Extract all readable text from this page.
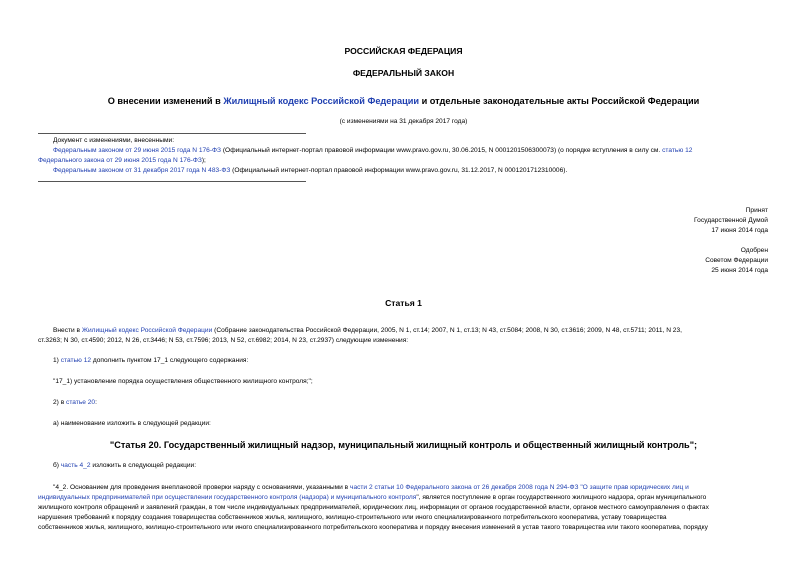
РОССИЙСКАЯ ФЕДЕРАЦИЯ
ФЕДЕРАЛЬНЫЙ ЗАКОН
О внесении изменений в Жилищный кодекс Российской Федерации и отдельные законодательные акты Российской Федерации
(с изменениями на 31 декабря 2017 года)
Документ с изменениями, внесенными:
Федеральным законом от 29 июня 2015 года N 176-ФЗ (Официальный интернет-портал правовой информации www.pravo.gov.ru, 30.06.2015, N 0001201506300073) (о порядке вступления в силу см. статью 12
Федерального закона от 29 июня 2015 года N 176-ФЗ);
Федеральным законом от 31 декабря 2017 года N 483-ФЗ (Официальный интернет-портал правовой информации www.pravo.gov.ru, 31.12.2017, N 0001201712310006).
Принят
Государственной Думой
17 июня 2014 года
Одобрен
Советом Федерации
25 июня 2014 года
Статья 1
Внести в Жилищный кодекс Российской Федерации (Собрание законодательства Российской Федерации, 2005, N 1, ст.14; 2007, N 1, ст.13; N 43, ст.5084; 2008, N 30, ст.3616; 2009, N 48, ст.5711; 2011, N 23,
ст.3263; N 30, ст.4590; 2012, N 26, ст.3446; N 53, ст.7596; 2013, N 52, ст.6982; 2014, N 23, ст.2937) следующие изменения:
1) статью 12 дополнить пунктом 17_1 следующего содержания:
"17_1) установление порядка осуществления общественного жилищного контроля;";
2) в статье 20:
а) наименование изложить в следующей редакции:
"Статья 20. Государственный жилищный надзор, муниципальный жилищный контроль и общественный жилищный контроль";
б) часть 4_2 изложить в следующей редакции:
"4_2. Основанием для проведения внеплановой проверки наряду с основаниями, указанными в части 2 статьи 10 Федерального закона от 26 декабря 2008 года N 294-ФЗ "О защите прав юридических лиц и
индивидуальных предпринимателей при осуществлении государственного контроля (надзора) и муниципального контроля", является поступление в орган государственного жилищного надзора, орган муниципального
жилищного контроля обращений и заявлений граждан, в том числе индивидуальных предпринимателей, юридических лиц, информации от органов государственной власти, органов местного самоуправления о фактах
нарушения требований к порядку создания товарищества собственников жилья, жилищного, жилищно-строительного или иного специализированного потребительского кооператива, уставу товарищества
собственников жилья, жилищного, жилищно-строительного или иного специализированного потребительского кооператива и порядку внесения изменений в устав такого товарищества или такого кооператива, порядку
